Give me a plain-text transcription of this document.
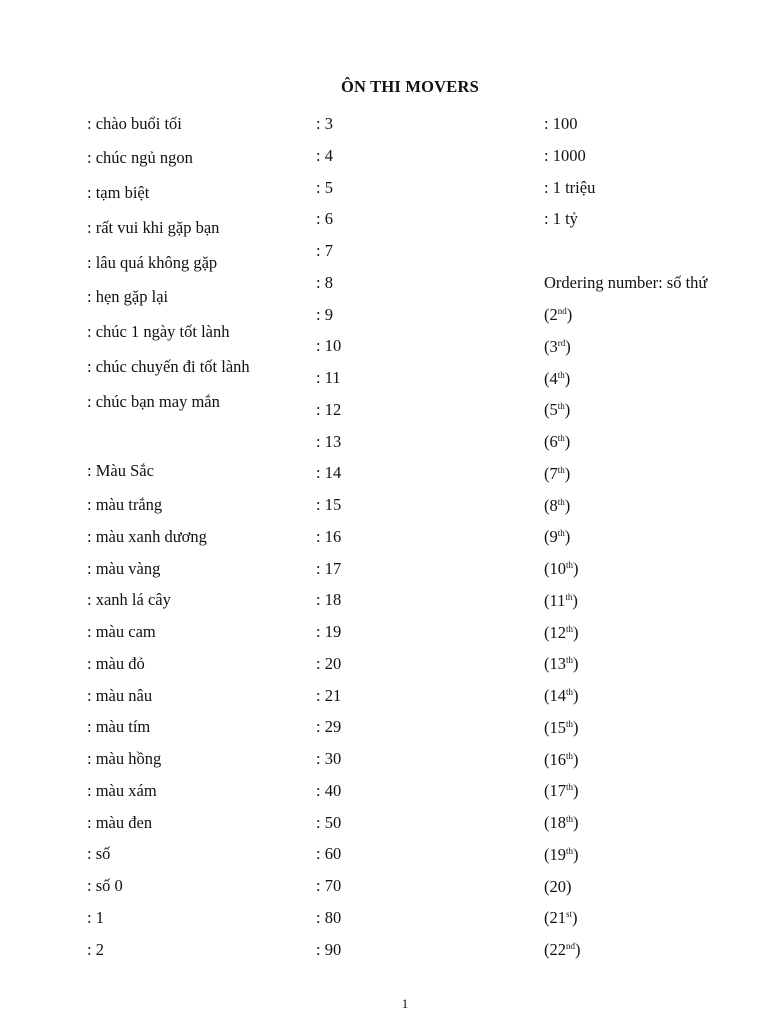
ÔN THI MOVERS
: chào buổi tối
: chúc ngủ ngon
: tạm biệt
: rất vui khi gặp bạn
: lâu quá không gặp
: hẹn gặp lại
: chúc 1 ngày tốt lành
: chúc chuyến đi tốt lành
: chúc bạn may mắn
: Màu Sắc
: màu trắng
: màu xanh dương
: màu vàng
: xanh lá cây
: màu cam
: màu đỏ
: màu nâu
: màu tím
: màu hồng
: màu xám
: màu đen
: số
: số 0
: 1
: 2
: 3
: 4
: 5
: 6
: 7
: 8
: 9
: 10
: 11
: 12
: 13
: 14
: 15
: 16
: 17
: 18
: 19
: 20
: 21
: 29
: 30
: 40
: 50
: 60
: 70
: 80
: 90
: 100
: 1000
: 1 triệu
: 1 tỷ
Ordering number: số thứ
(2nd)
(3rd)
(4th)
(5th)
(6th)
(7th)
(8th)
(9th)
(10th)
(11th)
(12th)
(13th)
(14th)
(15th)
(16th)
(17th)
(18th)
(19th)
(20)
(21st)
(22nd)
1
